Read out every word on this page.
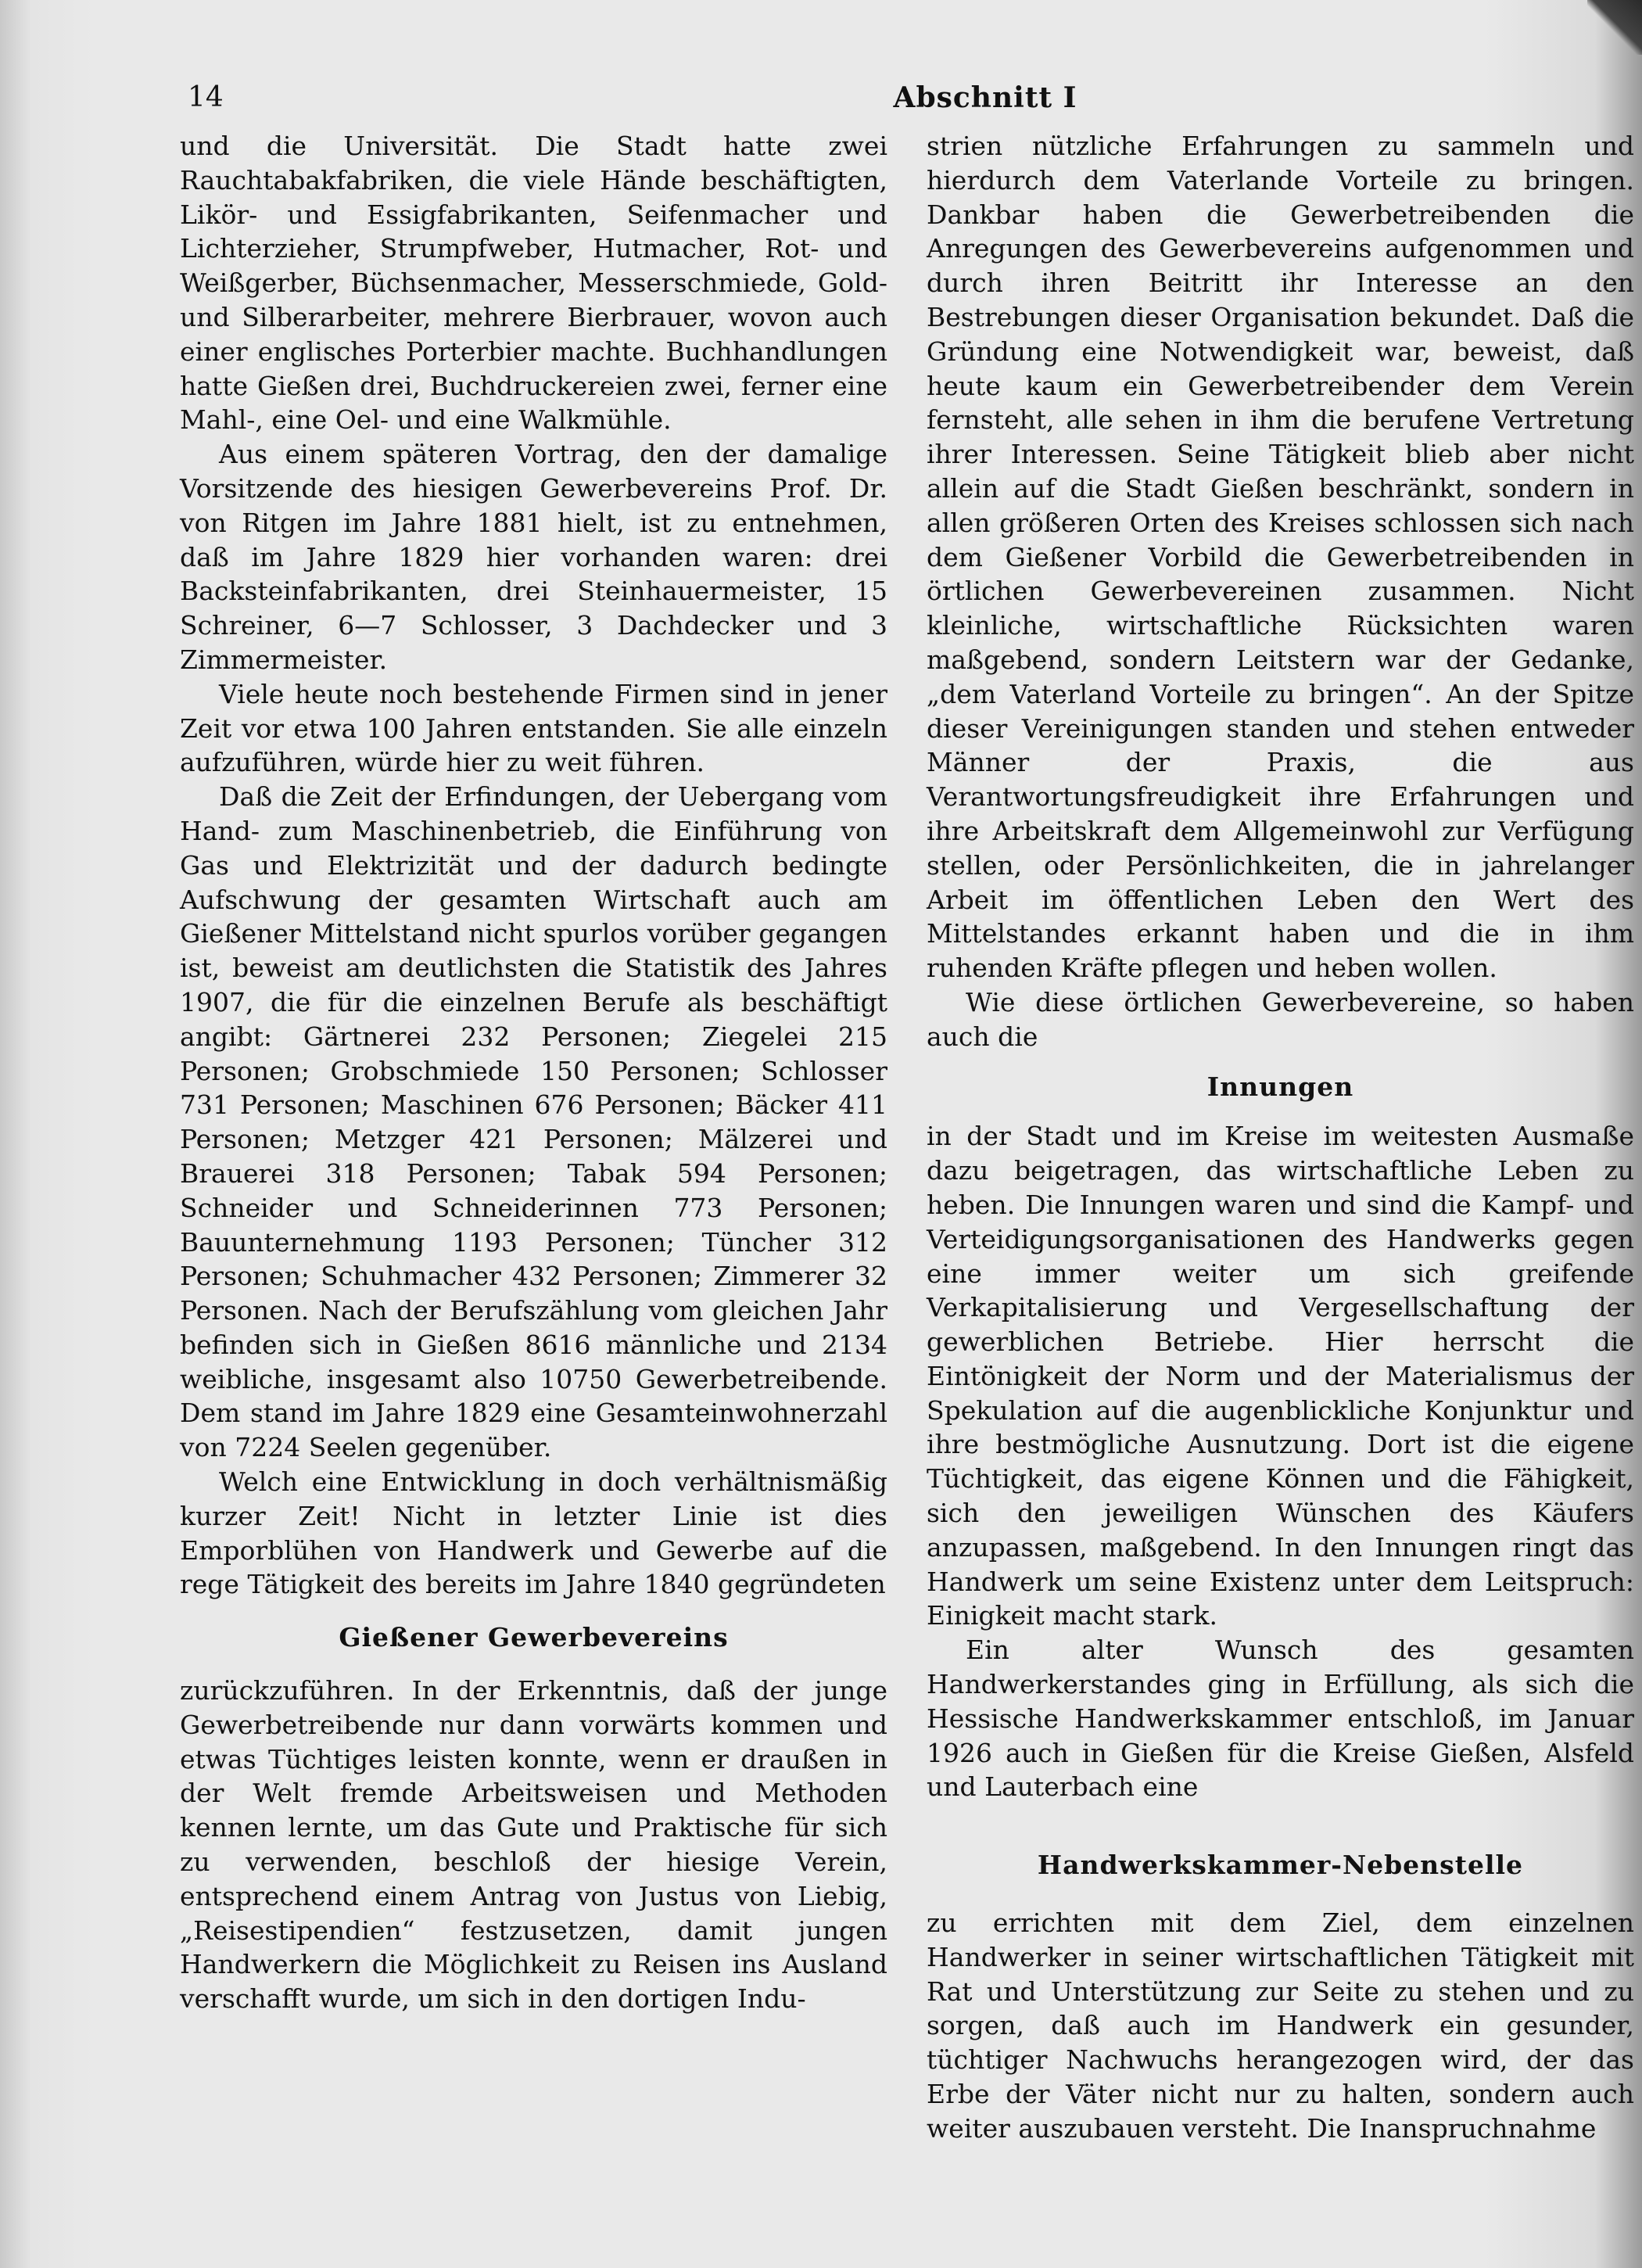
14	Abschnitt I

und die Universität. Die Stadt hatte zwei Rauchtabakfabriken, die viele Hände beschäftigten, Likör- und Essigfabrikanten, Seifenmacher und Lichterzieher, Strumpfweber, Hutmacher, Rot- und Weißgerber, Büchsenmacher, Messerschmiede, Gold- und Silberarbeiter, mehrere Bierbrauer, wovon auch einer englisches Porterbier machte. Buchhandlungen hatte Gießen drei, Buchdruckereien zwei, ferner eine Mahl-, eine Oel- und eine Walkmühle.

Aus einem späteren Vortrag, den der damalige Vorsitzende des hiesigen Gewerbevereins Prof. Dr. von Ritgen im Jahre 1881 hielt, ist zu entnehmen, daß im Jahre 1829 hier vorhanden waren: drei Backsteinfabrikanten, drei Steinhauermeister, 15 Schreiner, 6—7 Schlosser, 3 Dachdecker und 3 Zimmermeister.

Viele heute noch bestehende Firmen sind in jener Zeit vor etwa 100 Jahren entstanden. Sie alle einzeln aufzuführen, würde hier zu weit führen.

Daß die Zeit der Erfindungen, der Uebergang vom Hand- zum Maschinenbetrieb, die Einführung von Gas und Elektrizität und der dadurch bedingte Aufschwung der gesamten Wirtschaft auch am Gießener Mittelstand nicht spurlos vorüber gegangen ist, beweist am deutlichsten die Statistik des Jahres 1907, die für die einzelnen Berufe als beschäftigt angibt: Gärtnerei 232 Personen; Ziegelei 215 Personen; Grobschmiede 150 Personen; Schlosser 731 Personen; Maschinen 676 Personen; Bäcker 411 Personen; Metzger 421 Personen; Mälzerei und Brauerei 318 Personen; Tabak 594 Personen; Schneider und Schneiderinnen 773 Personen; Bauunternehmung 1193 Personen; Tüncher 312 Personen; Schuhmacher 432 Personen; Zimmerer 32 Personen. Nach der Berufszählung vom gleichen Jahr befinden sich in Gießen 8616 männliche und 2134 weibliche, insgesamt also 10750 Gewerbetreibende. Dem stand im Jahre 1829 eine Gesamteinwohnerzahl von 7224 Seelen gegenüber.

Welch eine Entwicklung in doch verhältnismäßig kurzer Zeit! Nicht in letzter Linie ist dies Emporblühen von Handwerk und Gewerbe auf die rege Tätigkeit des bereits im Jahre 1840 gegründeten

Gießener Gewerbevereins

zurückzuführen. In der Erkenntnis, daß der junge Gewerbetreibende nur dann vorwärts kommen und etwas Tüchtiges leisten konnte, wenn er draußen in der Welt fremde Arbeitsweisen und Methoden kennen lernte, um das Gute und Praktische für sich zu verwenden, beschloß der hiesige Verein, entsprechend einem Antrag von Justus von Liebig, „Reisestipendien“ festzusetzen, damit jungen Handwerkern die Möglichkeit zu Reisen ins Ausland verschafft wurde, um sich in den dortigen Indu-

strien nützliche Erfahrungen zu sammeln und hierdurch dem Vaterlande Vorteile zu bringen. Dankbar haben die Gewerbetreibenden die Anregungen des Gewerbevereins aufgenommen und durch ihren Beitritt ihr Interesse an den Bestrebungen dieser Organisation bekundet. Daß die Gründung eine Notwendigkeit war, beweist, daß heute kaum ein Gewerbetreibender dem Verein fernsteht, alle sehen in ihm die berufene Vertretung ihrer Interessen. Seine Tätigkeit blieb aber nicht allein auf die Stadt Gießen beschränkt, sondern in allen größeren Orten des Kreises schlossen sich nach dem Gießener Vorbild die Gewerbetreibenden in örtlichen Gewerbevereinen zusammen. Nicht kleinliche, wirtschaftliche Rücksichten waren maßgebend, sondern Leitstern war der Gedanke, „dem Vaterland Vorteile zu bringen“. An der Spitze dieser Vereinigungen standen und stehen entweder Männer der Praxis, die aus Verantwortungsfreudigkeit ihre Erfahrungen und ihre Arbeitskraft dem Allgemeinwohl zur Verfügung stellen, oder Persönlichkeiten, die in jahrelanger Arbeit im öffentlichen Leben den Wert des Mittelstandes erkannt haben und die in ihm ruhenden Kräfte pflegen und heben wollen.

Wie diese örtlichen Gewerbevereine, so haben auch die

Innungen

in der Stadt und im Kreise im weitesten Ausmaße dazu beigetragen, das wirtschaftliche Leben zu heben. Die Innungen waren und sind die Kampf- und Verteidigungsorganisationen des Handwerks gegen eine immer weiter um sich greifende Verkapitalisierung und Vergesellschaftung der gewerblichen Betriebe. Hier herrscht die Eintönigkeit der Norm und der Materialismus der Spekulation auf die augenblickliche Konjunktur und ihre bestmögliche Ausnutzung. Dort ist die eigene Tüchtigkeit, das eigene Können und die Fähigkeit, sich den jeweiligen Wünschen des Käufers anzupassen, maßgebend. In den Innungen ringt das Handwerk um seine Existenz unter dem Leitspruch: Einigkeit macht stark.

Ein alter Wunsch des gesamten Handwerkerstandes ging in Erfüllung, als sich die Hessische Handwerkskammer entschloß, im Januar 1926 auch in Gießen für die Kreise Gießen, Alsfeld und Lauterbach eine

Handwerkskammer-Nebenstelle

zu errichten mit dem Ziel, dem einzelnen Handwerker in seiner wirtschaftlichen Tätigkeit mit Rat und Unterstützung zur Seite zu stehen und zu sorgen, daß auch im Handwerk ein gesunder, tüchtiger Nachwuchs herangezogen wird, der das Erbe der Väter nicht nur zu halten, sondern auch weiter auszubauen versteht. Die Inanspruchnahme
